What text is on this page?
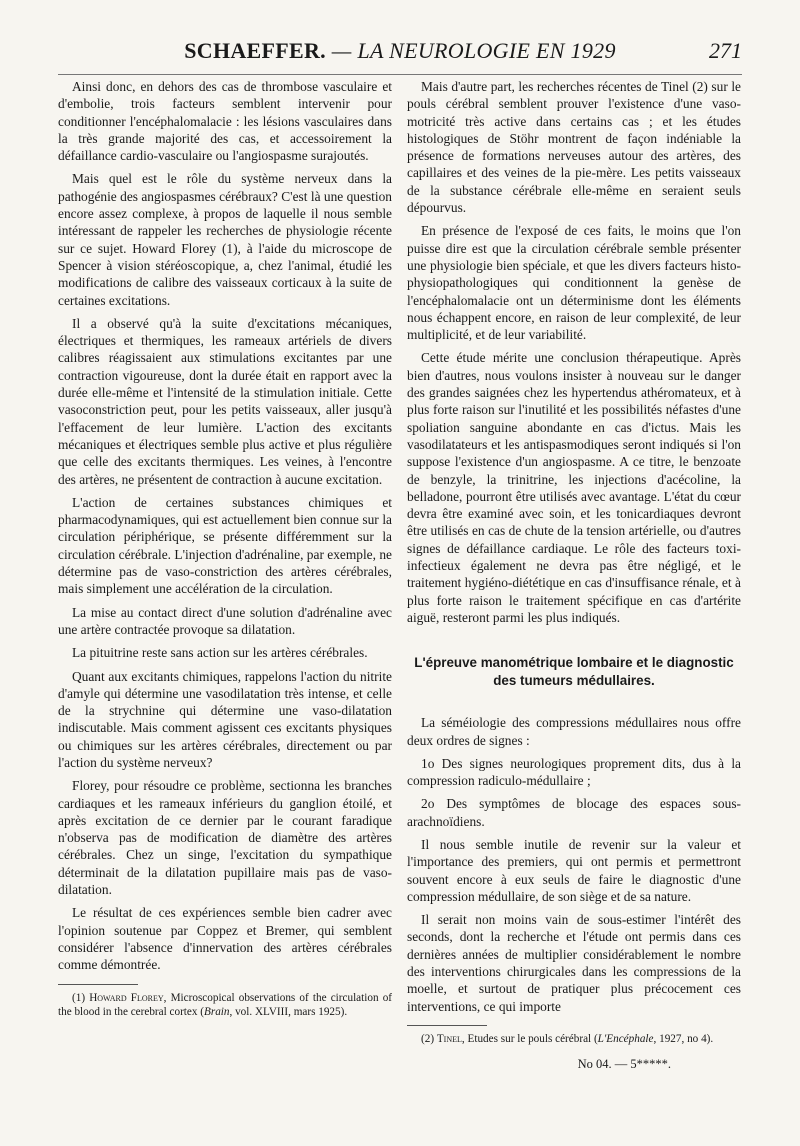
SCHAEFFER. — LA NEUROLOGIE EN 1929	271

Ainsi donc, en dehors des cas de thrombose vasculaire et d'embolie, trois facteurs semblent intervenir pour conditionner l'encéphalomalacie : les lésions vasculaires dans la très grande majorité des cas, et accessoirement la défaillance cardio-vasculaire ou l'angiospasme surajoutés.

Mais quel est le rôle du système nerveux dans la pathogénie des angiospasmes cérébraux? C'est là une question encore assez complexe, à propos de laquelle il nous semble intéressant de rappeler les recherches de physiologie récente sur ce sujet. Howard Florey (1), à l'aide du microscope de Spencer à vision stéréoscopique, a, chez l'animal, étudié les modifications de calibre des vaisseaux corticaux à la suite de certaines excitations.

Il a observé qu'à la suite d'excitations mécaniques, électriques et thermiques, les rameaux artériels de divers calibres réagissaient aux stimulations excitantes par une contraction vigoureuse, dont la durée était en rapport avec la durée elle-même et l'intensité de la stimulation initiale. Cette vasoconstriction peut, pour les petits vaisseaux, aller jusqu'à l'effacement de leur lumière. L'action des excitants mécaniques et électriques semble plus active et plus régulière que celle des excitants thermiques. Les veines, à l'encontre des artères, ne présentent de contraction à aucune excitation.

L'action de certaines substances chimiques et pharmacodynamiques, qui est actuellement bien connue sur la circulation périphérique, se présente différemment sur la circulation cérébrale. L'injection d'adrénaline, par exemple, ne détermine pas de vaso-constriction des artères cérébrales, mais simplement une accélération de la circulation.

La mise au contact direct d'une solution d'adrénaline avec une artère contractée provoque sa dilatation.

La pituitrine reste sans action sur les artères cérébrales.

Quant aux excitants chimiques, rappelons l'action du nitrite d'amyle qui détermine une vasodilatation très intense, et celle de la strychnine qui détermine une vaso-dilatation indiscutable. Mais comment agissent ces excitants physiques ou chimiques sur les artères cérébrales, directement ou par l'action du système nerveux?

Florey, pour résoudre ce problème, sectionna les branches cardiaques et les rameaux inférieurs du ganglion étoilé, et après excitation de ce dernier par le courant faradique n'observa pas de modification de diamètre des artères cérébrales. Chez un singe, l'excitation du sympathique déterminait de la dilatation pupillaire mais pas de vaso-dilatation.

Le résultat de ces expériences semble bien cadrer avec l'opinion soutenue par Coppez et Bremer, qui semblent considérer l'absence d'innervation des artères cérébrales comme démontrée.

(1) Howard Florey, Microscopical observations of the circulation of the blood in the cerebral cortex (Brain, vol. XLVIII, mars 1925).

Mais d'autre part, les recherches récentes de Tinel (2) sur le pouls cérébral semblent prouver l'existence d'une vaso-motricité très active dans certains cas ; et les études histologiques de Stöhr montrent de façon indéniable la présence de formations nerveuses autour des artères, des capillaires et des veines de la pie-mère. Les petits vaisseaux de la substance cérébrale elle-même en seraient seuls dépourvus.

En présence de l'exposé de ces faits, le moins que l'on puisse dire est que la circulation cérébrale semble présenter une physiologie bien spéciale, et que les divers facteurs histo-physiopathologiques qui conditionnent la genèse de l'encéphalomalacie ont un déterminisme dont les éléments nous échappent encore, en raison de leur complexité, de leur multiplicité, et de leur variabilité.

Cette étude mérite une conclusion thérapeutique. Après bien d'autres, nous voulons insister à nouveau sur le danger des grandes saignées chez les hypertendus athéromateux, et à plus forte raison sur l'inutilité et les possibilités néfastes d'une spoliation sanguine abondante en cas d'ictus. Mais les vasodilatateurs et les antispasmodiques seront indiqués si l'on suppose l'existence d'un angiospasme. A ce titre, le benzoate de benzyle, la trinitrine, les injections d'acécoline, la belladone, pourront être utilisés avec avantage. L'état du cœur devra être examiné avec soin, et les tonicardiaques devront être utilisés en cas de chute de la tension artérielle, ou d'autres signes de défaillance cardiaque. Le rôle des facteurs toxi-infectieux également ne devra pas être négligé, et le traitement hygiéno-diététique en cas d'insuffisance rénale, et à plus forte raison le traitement spécifique en cas d'artérite aiguë, resteront parmi les plus indiqués.

L'épreuve manométrique lombaire et le diagnostic des tumeurs médullaires.

La séméiologie des compressions médullaires nous offre deux ordres de signes :

1o Des signes neurologiques proprement dits, dus à la compression radiculo-médullaire ;

2o Des symptômes de blocage des espaces sous-arachnoïdiens.

Il nous semble inutile de revenir sur la valeur et l'importance des premiers, qui ont permis et permettront souvent encore à eux seuls de faire le diagnostic d'une compression médullaire, de son siège et de sa nature.

Il serait non moins vain de sous-estimer l'intérêt des seconds, dont la recherche et l'étude ont permis dans ces dernières années de multiplier considérablement le nombre des interventions chirurgicales dans les compressions de la moelle, et surtout de pratiquer plus précocement ces interventions, ce qui importe

(2) Tinel, Etudes sur le pouls cérébral (L'Encéphale, 1927, no 4).

No 04. — 5*****.
